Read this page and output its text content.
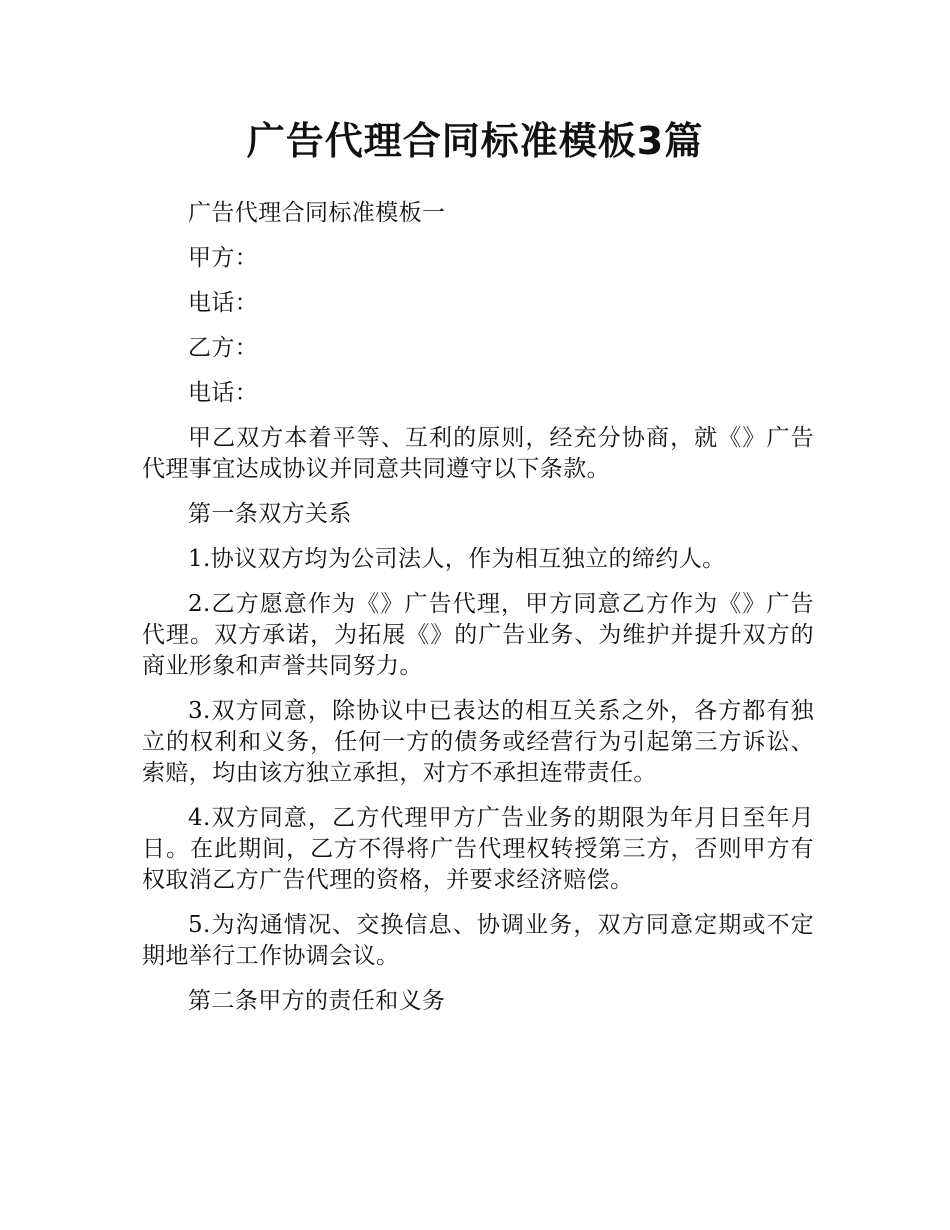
广告代理合同标准模板3篇

广告代理合同标准模板一

甲方：

电话：

乙方：

电话：

甲乙双方本着平等、互利的原则，经充分协商，就《》广告代理事宜达成协议并同意共同遵守以下条款。

第一条双方关系

1.协议双方均为公司法人，作为相互独立的缔约人。

2.乙方愿意作为《》广告代理，甲方同意乙方作为《》广告代理。双方承诺，为拓展《》的广告业务、为维护并提升双方的商业形象和声誉共同努力。

3.双方同意，除协议中已表达的相互关系之外，各方都有独立的权利和义务，任何一方的债务或经营行为引起第三方诉讼、索赔，均由该方独立承担，对方不承担连带责任。

4.双方同意，乙方代理甲方广告业务的期限为年月日至年月日。在此期间，乙方不得将广告代理权转授第三方，否则甲方有权取消乙方广告代理的资格，并要求经济赔偿。

5.为沟通情况、交换信息、协调业务，双方同意定期或不定期地举行工作协调会议。

第二条甲方的责任和义务
